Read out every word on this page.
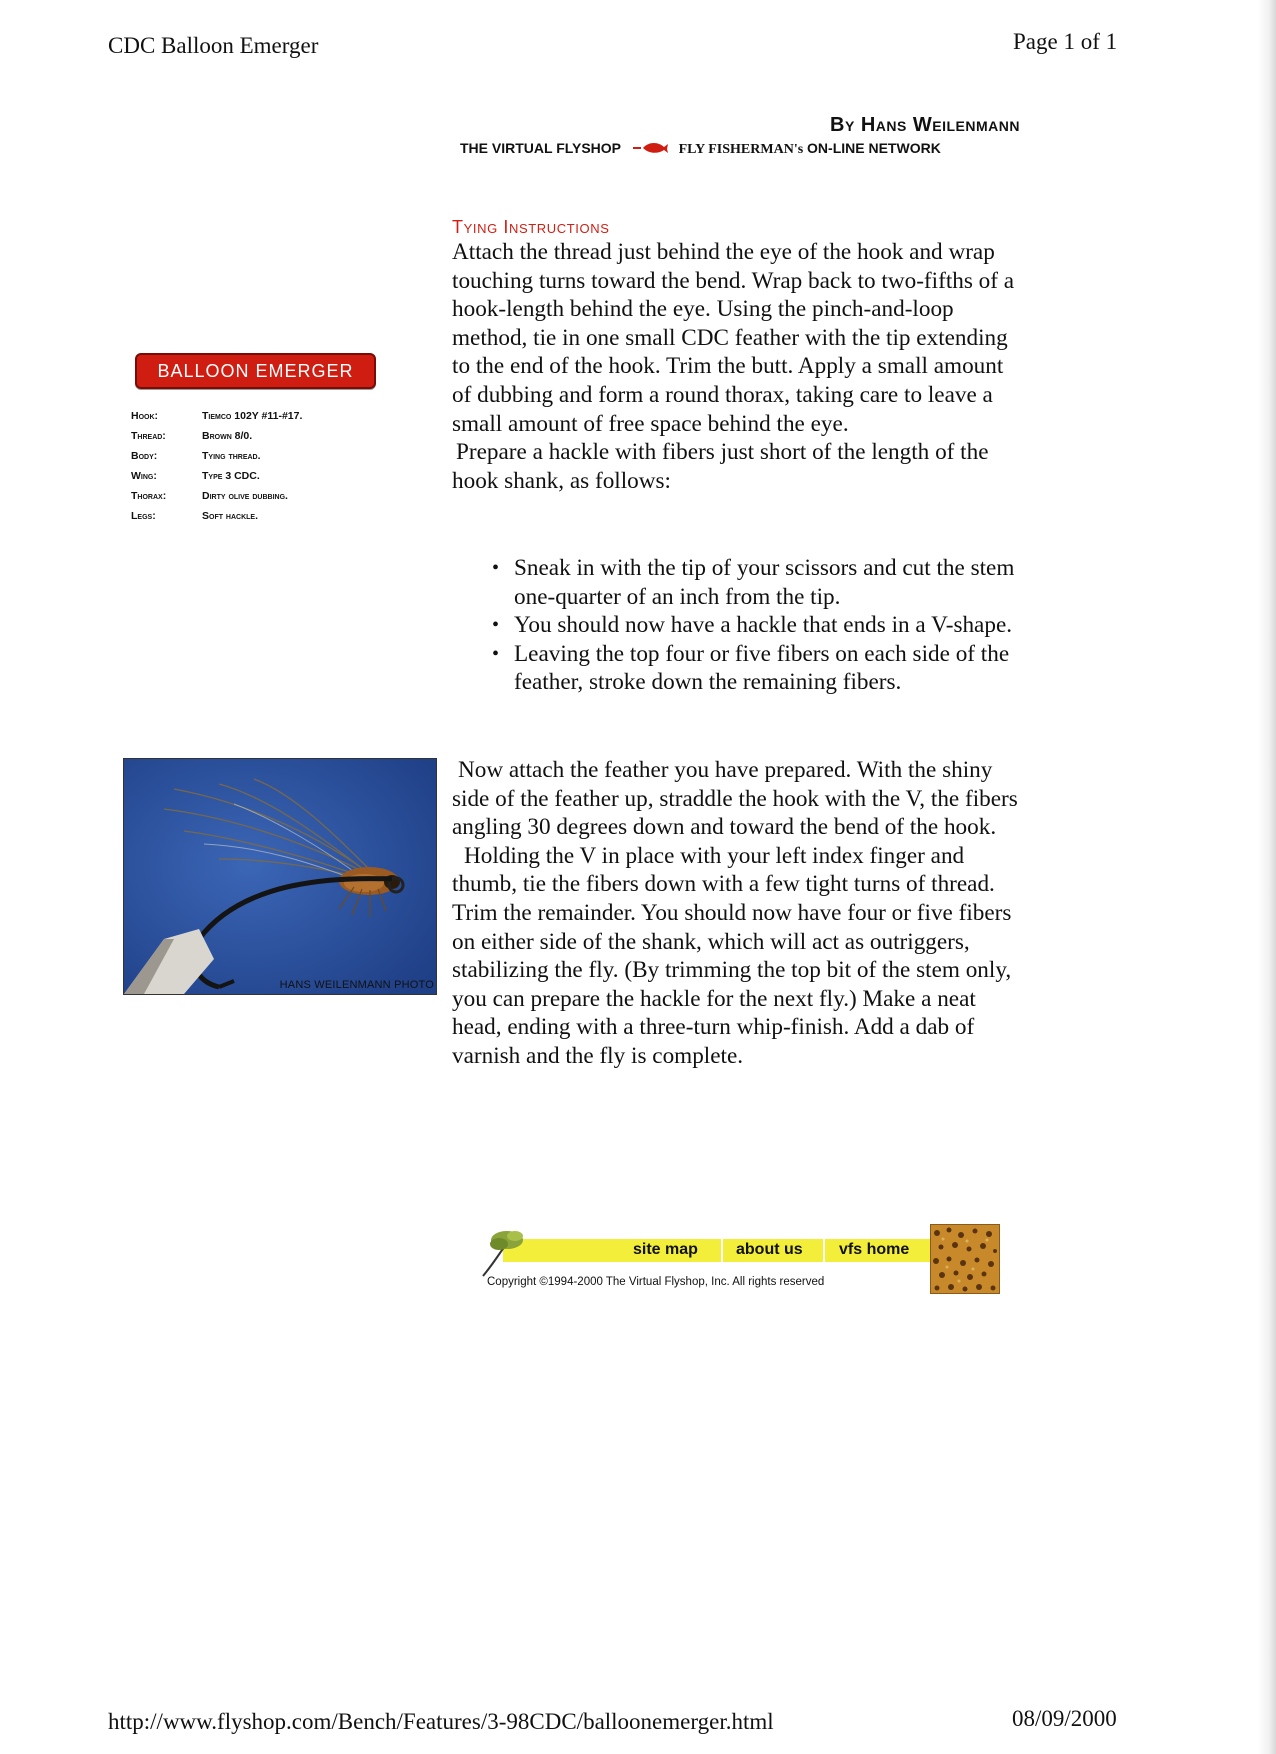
CDC Balloon Emerger	Page 1 of 1
By Hans Weilenmann
THE VIRTUAL FLYSHOP	FLY FISHERMAN's ON-LINE NETWORK
Tying Instructions

Attach the thread just behind the eye of the hook and wrap touching turns toward the bend. Wrap back to two-fifths of a hook-length behind the eye. Using the pinch-and-loop method, tie in one small CDC feather with the tip extending to the end of the hook. Trim the butt. Apply a small amount of dubbing and form a round thorax, taking care to leave a small amount of free space behind the eye.

Prepare a hackle with fibers just short of the length of the hook shank, as follows:

• Sneak in with the tip of your scissors and cut the stem one-quarter of an inch from the tip.
• You should now have a hackle that ends in a V-shape.
• Leaving the top four or five fibers on each side of the feather, stroke down the remaining fibers.

Now attach the feather you have prepared. With the shiny side of the feather up, straddle the hook with the V, the fibers angling 30 degrees down and toward the bend of the hook.

Holding the V in place with your left index finger and thumb, tie the fibers down with a few tight turns of thread. Trim the remainder. You should now have four or five fibers on either side of the shank, which will act as outriggers, stabilizing the fly. (By trimming the top bit of the stem only, you can prepare the hackle for the next fly.) Make a neat head, ending with a three-turn whip-finish. Add a dab of varnish and the fly is complete.

BALLOON EMERGER
Hook:	Tiemco 102Y #11-#17.
Thread:	Brown 8/0.
Body:	Tying thread.
Wing:	Type 3 CDC.
Thorax:	Dirty olive dubbing.
Legs:	Soft hackle.
HANS WEILENMANN PHOTO
site map about us vfs home
Copyright ©1994-2000 The Virtual Flyshop, Inc. All rights reserved
http://www.flyshop.com/Bench/Features/3-98CDC/balloonemerger.html	08/09/2000
